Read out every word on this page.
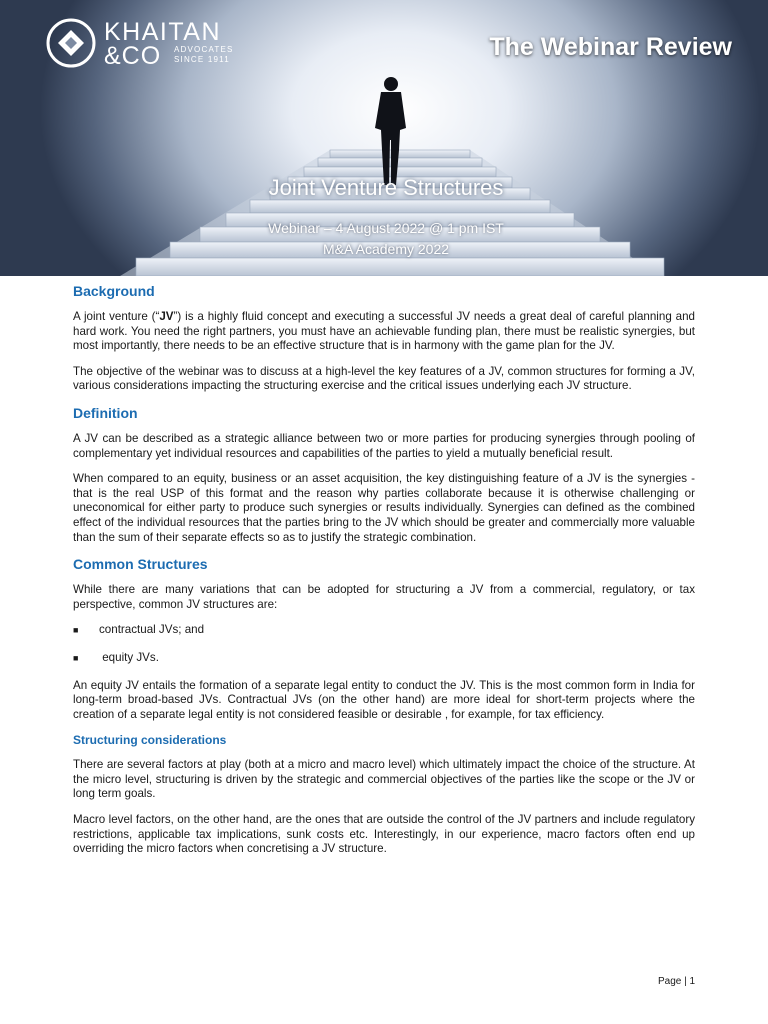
KHAITAN
&CO ADVOCATES
SINCE 1911	The Webinar Review
Joint Venture Structures
Webinar – 4 August 2022 @ 1 pm IST
M&A Academy 2022
Background

A joint venture (“JV”) is a highly fluid concept and executing a successful JV needs a great deal of careful planning and hard work. You need the right partners, you must have an achievable funding plan, there must be realistic synergies, but most importantly, there needs to be an effective structure that is in harmony with the game plan for the JV.

The objective of the webinar was to discuss at a high-level the key features of a JV, common structures for forming a JV, various considerations impacting the structuring exercise and the critical issues underlying each JV structure.

Definition

A JV can be described as a strategic alliance between two or more parties for producing synergies through pooling of complementary yet individual resources and capabilities of the parties to yield a mutually beneficial result.

When compared to an equity, business or an asset acquisition, the key distinguishing feature of a JV is the synergies - that is the real USP of this format and the reason why parties collaborate because it is otherwise challenging or uneconomical for either party to produce such synergies or results individually. Synergies can defined as the combined effect of the individual resources that the parties bring to the JV which should be greater and commercially more valuable than the sum of their separate effects so as to justify the strategic combination.

Common Structures

While there are many variations that can be adopted for structuring a JV from a commercial, regulatory, or tax perspective, common JV structures are:

■	contractual JVs; and
■	equity JVs.

An equity JV entails the formation of a separate legal entity to conduct the JV. This is the most common form in India for long-term broad-based JVs. Contractual JVs (on the other hand) are more ideal for short-term projects where the creation of a separate legal entity is not considered feasible or desirable , for example, for tax efficiency.

Structuring considerations

There are several factors at play (both at a micro and macro level) which ultimately impact the choice of the structure. At the micro level, structuring is driven by the strategic and commercial objectives of the parties like the scope or the JV or long term goals.

Macro level factors, on the other hand, are the ones that are outside the control of the JV partners and include regulatory restrictions, applicable tax implications, sunk costs etc. Interestingly, in our experience, macro factors often end up overriding the micro factors when concretising a JV structure.

Page | 1
